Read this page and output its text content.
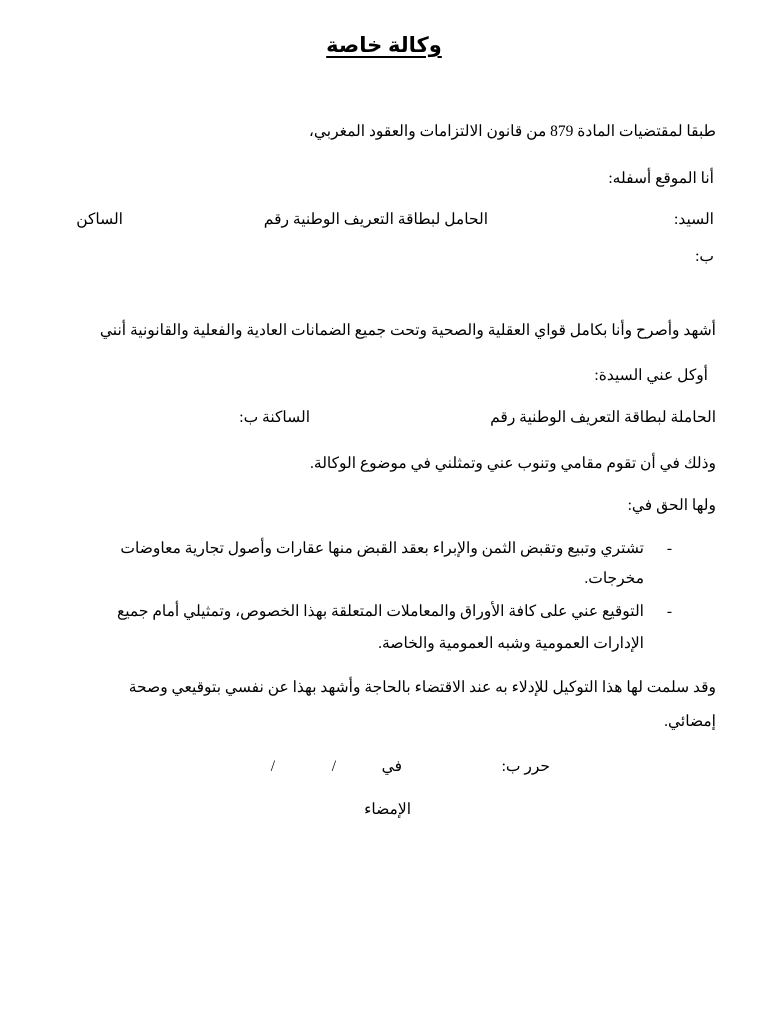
وكالة خاصة
طبقا لمقتضيات المادة 879 من قانون الالتزامات والعقود المغربي،
أنا الموقع أسفله:
السيد:
الحامل لبطاقة التعريف الوطنية رقم
الساكن
ب:
أشهد وأصرح وأنا بكامل قواي العقلية والصحية وتحت جميع الضمانات العادية والفعلية والقانونية أنني
أوكل عني السيدة:
الحاملة لبطاقة التعريف الوطنية رقم
الساكنة ب:
وذلك في أن تقوم مقامي وتنوب عني وتمثلني في موضوع الوكالة.
ولها الحق في:
-
تشتري وتبيع وتقبض الثمن والإبراء بعقد القبض منها عقارات وأصول تجارية معاوضات
مخرجات.
-
التوقيع عني على كافة الأوراق والمعاملات المتعلقة بهذا الخصوص، وتمثيلي أمام جميع
الإدارات العمومية وشبه العمومية والخاصة.
وقد سلمت لها هذا التوكيل للإدلاء به عند الاقتضاء بالحاجة وأشهد بهذا عن نفسي بتوقيعي وصحة
إمضائي.
حرر ب:
في
/
/
الإمضاء
